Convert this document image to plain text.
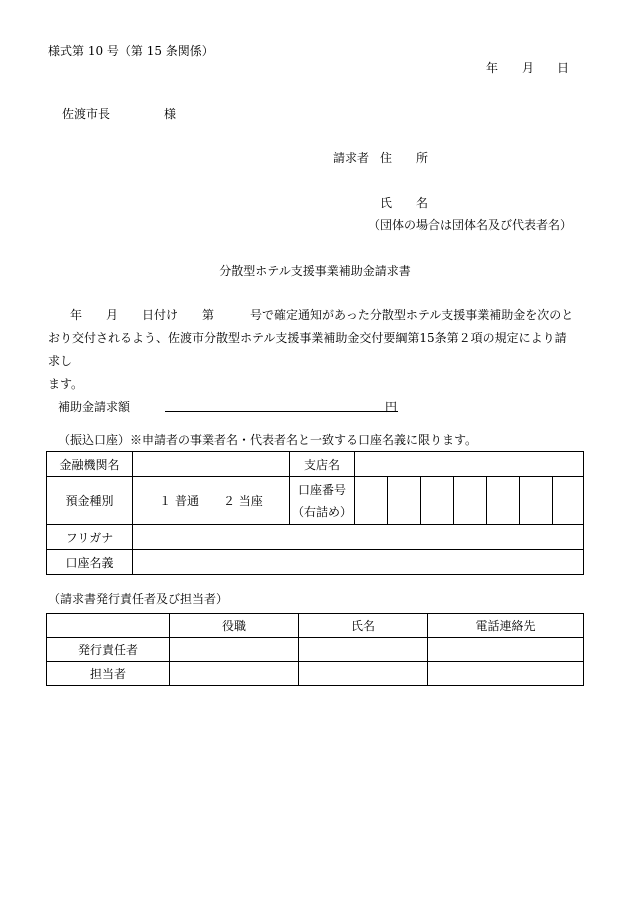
様式第 10 号（第 15 条関係）
年 月 日
佐渡市長	様
請求者 住　　所
氏　　名
（団体の場合は団体名及び代表者名）
分散型ホテル支援事業補助金請求書
年　　月　　日付け　　第　　　号で確定通知があった分散型ホテル支援事業補助金を次のと
おり交付されるよう、佐渡市分散型ホテル支援事業補助金交付要綱第15条第２項の規定により請求し
ます。
補助金請求額	円
（振込口座）※申請者の事業者名・代表者名と一致する口座名義に限ります。
金融機関名		支店名							
預金種別	１ 普通　　２ 当座	口座番号
（右詰め）							

フリガナ									
口座名義									
（請求書発行責任者及び担当者）
	役職	氏名	電話連絡先
発行責任者			
担当者			
